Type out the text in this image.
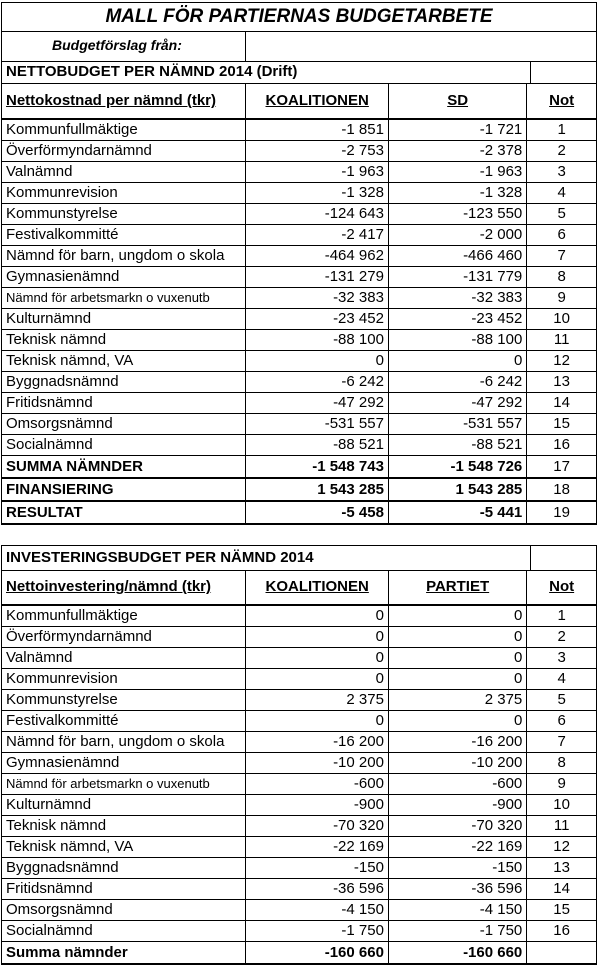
MALL FÖR PARTIERNAS BUDGETARBETE
Budgetförslag från:
NETTOBUDGET PER NÄMND 2014 (Drift)
Nettokostnad per nämnd (tkr)	KOALITIONEN	SD	Not
Kommunfullmäktige	-1 851	-1 721	1
Överförmyndarnämnd	-2 753	-2 378	2
Valnämnd	-1 963	-1 963	3
Kommunrevision	-1 328	-1 328	4
Kommunstyrelse	-124 643	-123 550	5
Festivalkommitté	-2 417	-2 000	6
Nämnd för barn, ungdom o skola	-464 962	-466 460	7
Gymnasienämnd	-131 279	-131 779	8
Nämnd för arbetsmarkn o vuxenutb	-32 383	-32 383	9
Kulturnämnd	-23 452	-23 452	10
Teknisk nämnd	-88 100	-88 100	11
Teknisk nämnd, VA	0	0	12
Byggnadsnämnd	-6 242	-6 242	13
Fritidsnämnd	-47 292	-47 292	14
Omsorgsnämnd	-531 557	-531 557	15
Socialnämnd	-88 521	-88 521	16
SUMMA NÄMNDER	-1 548 743	-1 548 726	17
FINANSIERING	1 543 285	1 543 285	18
RESULTAT	-5 458	-5 441	19
INVESTERINGSBUDGET PER NÄMND 2014
Nettoinvestering/nämnd (tkr)	KOALITIONEN	PARTIET	Not
Kommunfullmäktige	0	0	1
Överförmyndarnämnd	0	0	2
Valnämnd	0	0	3
Kommunrevision	0	0	4
Kommunstyrelse	2 375	2 375	5
Festivalkommitté	0	0	6
Nämnd för barn, ungdom o skola	-16 200	-16 200	7
Gymnasienämnd	-10 200	-10 200	8
Nämnd för arbetsmarkn o vuxenutb	-600	-600	9
Kulturnämnd	-900	-900	10
Teknisk nämnd	-70 320	-70 320	11
Teknisk nämnd, VA	-22 169	-22 169	12
Byggnadsnämnd	-150	-150	13
Fritidsnämnd	-36 596	-36 596	14
Omsorgsnämnd	-4 150	-4 150	15
Socialnämnd	-1 750	-1 750	16
Summa nämnder	-160 660	-160 660	
